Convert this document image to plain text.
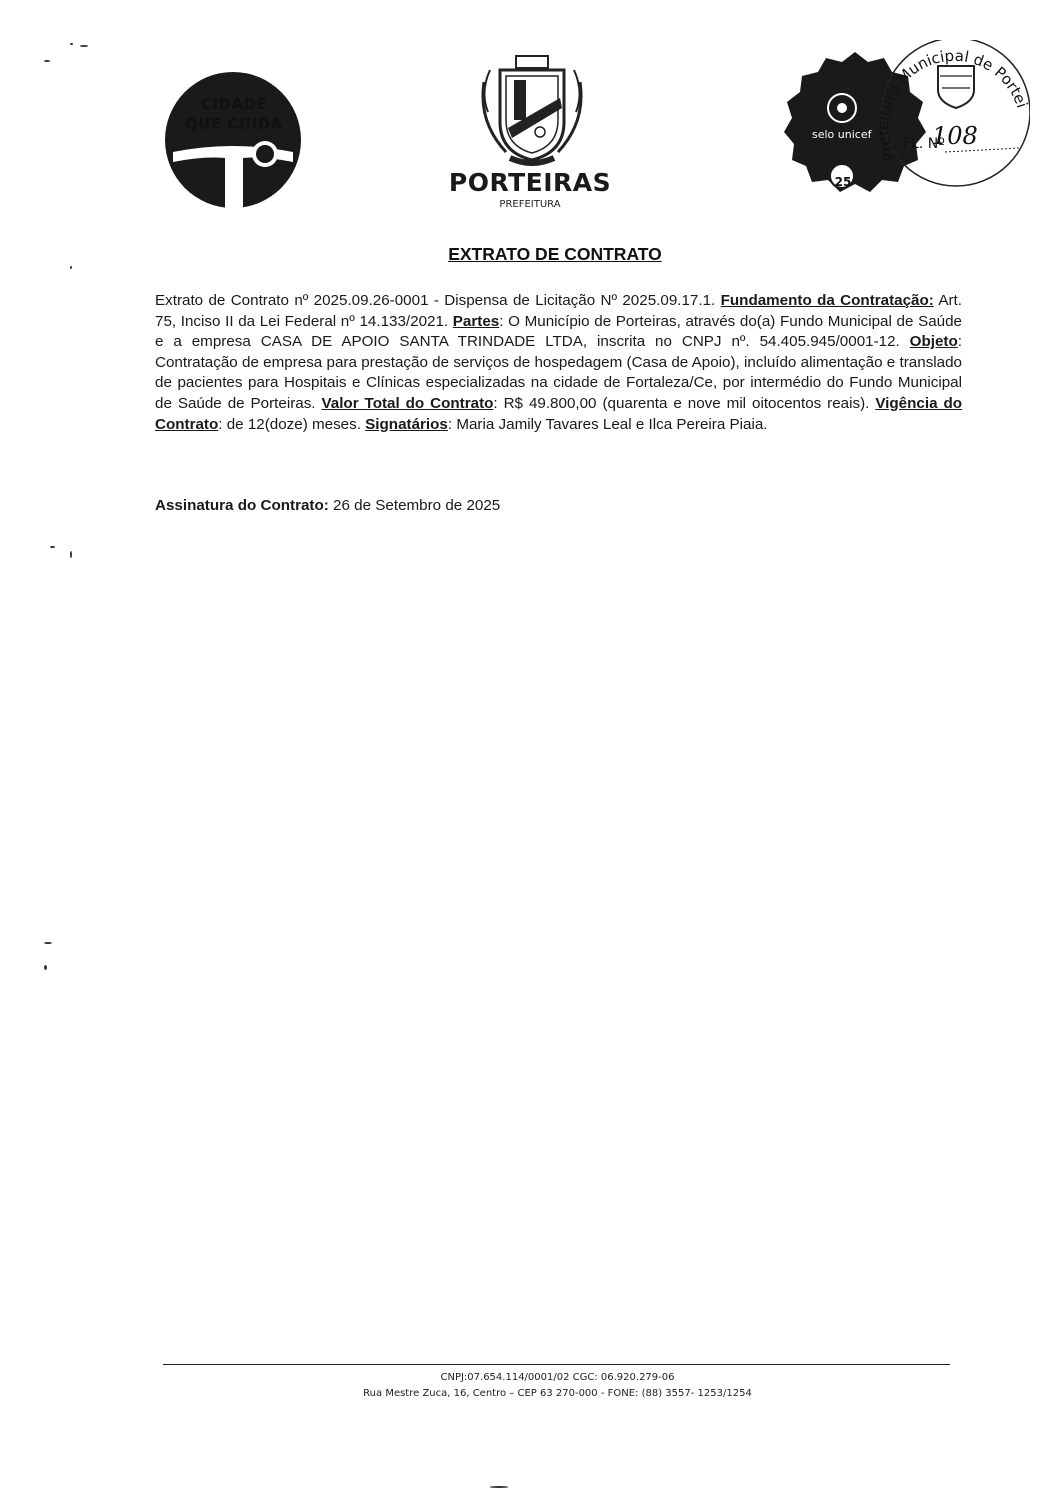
CIDADE
QUE CUIDA
PORTEIRAS
PREFEITURA
selo unicef
25
Prefeitura Municipal de Portei
FL. Nº
108
EXTRATO DE CONTRATO
Extrato de Contrato nº 2025.09.26-0001 - Dispensa de Licitação Nº 2025.09.17.1. Fundamento da Contratação: Art. 75, Inciso II da Lei Federal nº 14.133/2021. Partes: O Município de Porteiras, através do(a) Fundo Municipal de Saúde e a empresa CASA DE APOIO SANTA TRINDADE LTDA, inscrita no CNPJ nº. 54.405.945/0001-12. Objeto: Contratação de empresa para prestação de serviços de hospedagem (Casa de Apoio), incluído alimentação e translado de pacientes para Hospitais e Clínicas especializadas na cidade de Fortaleza/Ce, por intermédio do Fundo Municipal de Saúde de Porteiras. Valor Total do Contrato: R$ 49.800,00 (quarenta e nove mil oitocentos reais). Vigência do Contrato: de 12(doze) meses. Signatários: Maria Jamily Tavares Leal e Ilca Pereira Piaia.
Assinatura do Contrato: 26 de Setembro de 2025
CNPJ:07.654.114/0001/02 CGC: 06.920.279-06
Rua Mestre Zuca, 16, Centro – CEP 63 270-000 - FONE: (88) 3557- 1253/1254
